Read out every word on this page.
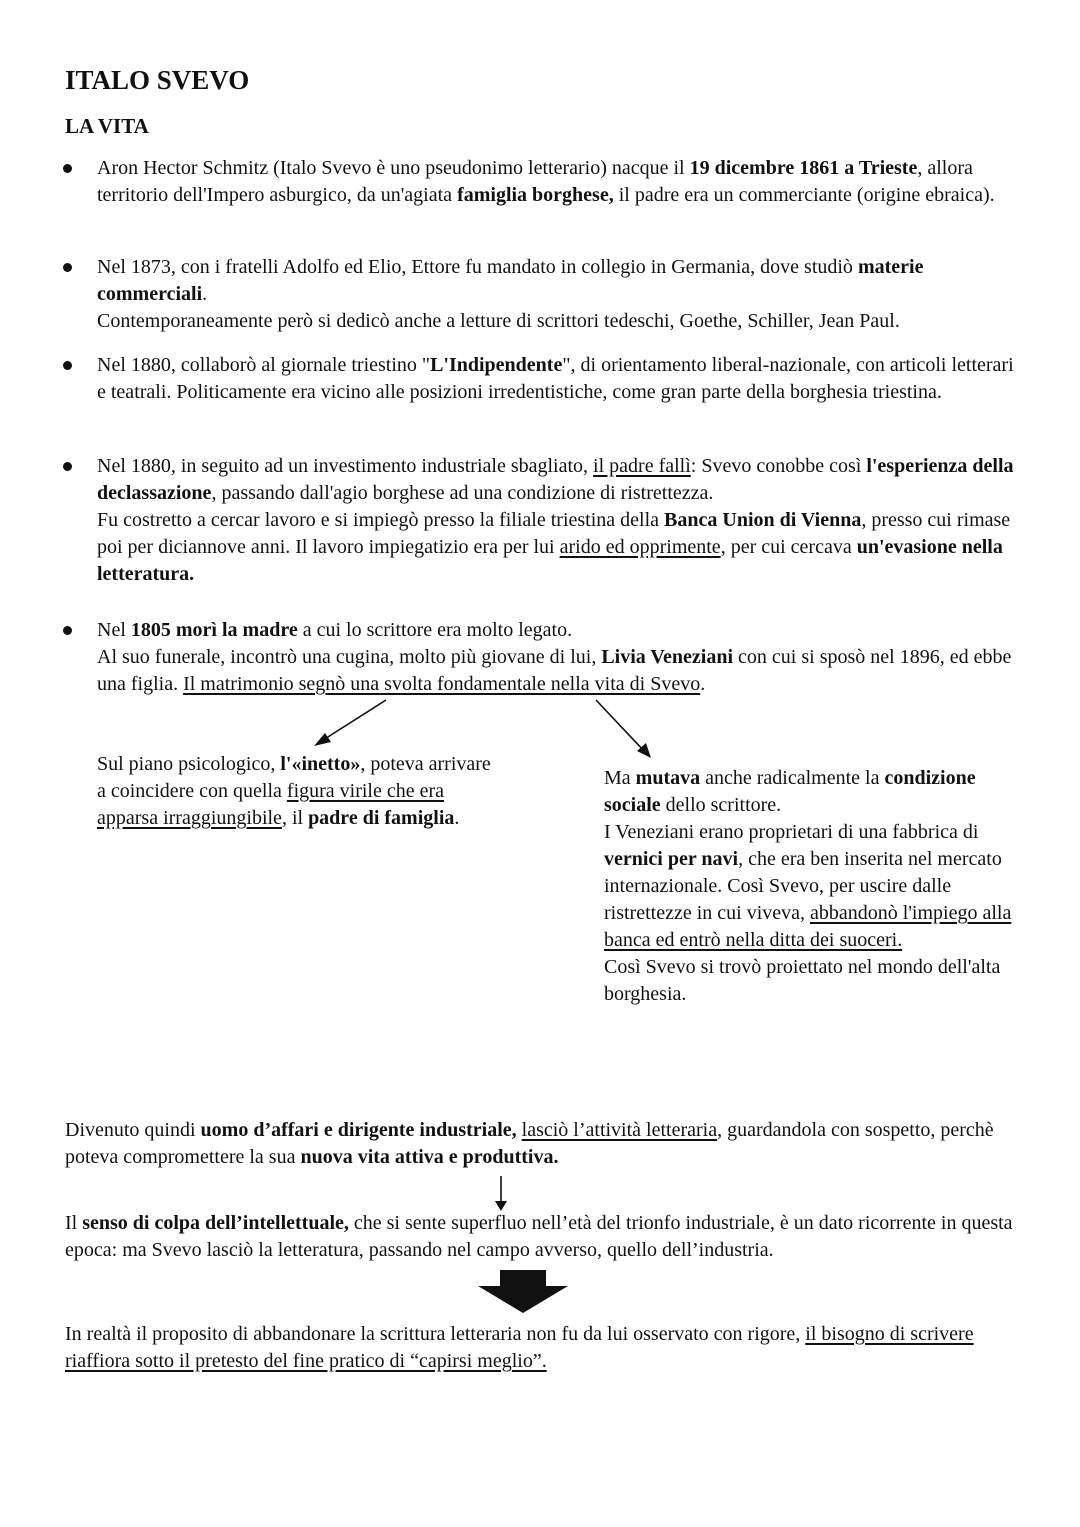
ITALO SVEVO
LA VITA

Aron Hector Schmitz (Italo Svevo è uno pseudonimo letterario) nacque il 19 dicembre 1861 a Trieste, allora territorio dell'Impero asburgico, da un'agiata famiglia borghese, il padre era un commerciante (origine ebraica).

Nel 1873, con i fratelli Adolfo ed Elio, Ettore fu mandato in collegio in Germania, dove studiò materie commerciali.
Contemporaneamente però si dedicò anche a letture di scrittori tedeschi, Goethe, Schiller, Jean Paul.

Nel 1880, collaborò al giornale triestino "L'Indipendente", di orientamento liberal-nazionale, con articoli letterari e teatrali. Politicamente era vicino alle posizioni irredentistiche, come gran parte della borghesia triestina.

Nel 1880, in seguito ad un investimento industriale sbagliato, il padre fallì: Svevo conobbe così l'esperienza della declassazione, passando dall'agio borghese ad una condizione di ristrettezza.
Fu costretto a cercar lavoro e si impiegò presso la filiale triestina della Banca Union di Vienna, presso cui rimase poi per diciannove anni. Il lavoro impiegatizio era per lui arido ed opprimente, per cui cercava un'evasione nella letteratura.

Nel 1805 morì la madre a cui lo scrittore era molto legato.
Al suo funerale, incontrò una cugina, molto più giovane di lui, Livia Veneziani con cui si sposò nel 1896, ed ebbe una figlia. Il matrimonio segnò una svolta fondamentale nella vita di Svevo.

Sul piano psicologico, l'«inetto», poteva arrivare a coincidere con quella figura virile che era apparsa irraggiungibile, il padre di famiglia.

Ma mutava anche radicalmente la condizione sociale dello scrittore.
I Veneziani erano proprietari di una fabbrica di vernici per navi, che era ben inserita nel mercato internazionale. Così Svevo, per uscire dalle ristrettezze in cui viveva, abbandonò l'impiego alla banca ed entrò nella ditta dei suoceri.
Così Svevo si trovò proiettato nel mondo dell'alta borghesia.

Divenuto quindi uomo d’affari e dirigente industriale, lasciò l’attività letteraria, guardandola con sospetto, perchè poteva compromettere la sua nuova vita attiva e produttiva.

Il senso di colpa dell’intellettuale, che si sente superfluo nell’età del trionfo industriale, è un dato ricorrente in questa epoca: ma Svevo lasciò la letteratura, passando nel campo avverso, quello dell’industria.

In realtà il proposito di abbandonare la scrittura letteraria non fu da lui osservato con rigore, il bisogno di scrivere riaffiora sotto il pretesto del fine pratico di “capirsi meglio”.
